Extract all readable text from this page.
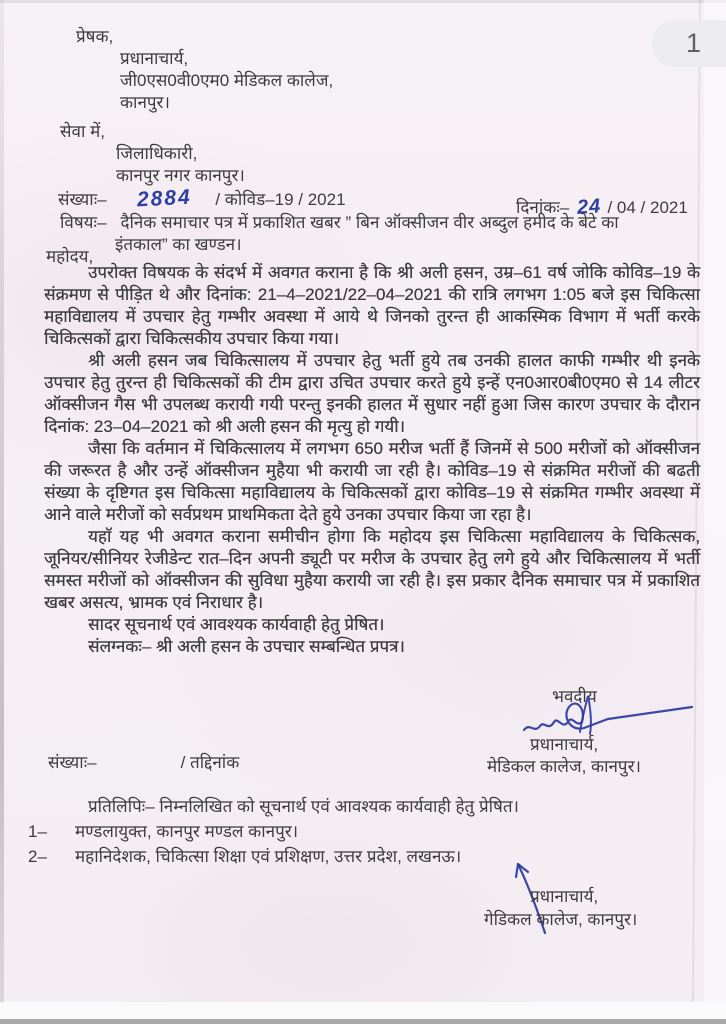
1
प्रेषक,
प्रधानाचार्य,
जी0एस0वी0एम0 मेडिकल कालेज,
कानपुर।
सेवा में,
जिलाधिकारी,
कानपुर नगर कानपुर।
संख्याः– 2884 / कोविड–19 / 2021	दिनांकः– 24 / 04 / 2021
विषयः– दैनिक समाचार पत्र में प्रकाशित खबर ” बिन ऑक्सीजन वीर अब्दुल हमीद के बेटे का
इंतकाल” का खण्डन।
महोदय,

उपरोक्त विषयक के संदर्भ में अवगत कराना है कि श्री अली हसन, उम्र–61 वर्ष जोकि कोविड–19 के संक्रमण से पीड़ित थे और दिनांक: 21–4–2021/22–04–2021 की रात्रि लगभग 1:05 बजे इस चिकित्सा महाविद्यालय में उपचार हेतु गम्भीर अवस्था में आये थे जिनको तुरन्त ही आकस्मिक विभाग में भर्ती करके चिकित्सकों द्वारा चिकित्सकीय उपचार किया गया।

श्री अली हसन जब चिकित्सालय में उपचार हेतु भर्ती हुये तब उनकी हालत काफी गम्भीर थी इनके उपचार हेतु तुरन्त ही चिकित्सकों की टीम द्वारा उचित उपचार करते हुये इन्हें एन0आर0बी0एम0 से 14 लीटर ऑक्सीजन गैस भी उपलब्ध करायी गयी परन्तु इनकी हालत में सुधार नहीं हुआ जिस कारण उपचार के दौरान दिनांक: 23–04–2021 को श्री अली हसन की मृत्यु हो गयी।

जैसा कि वर्तमान में चिकित्सालय में लगभग 650 मरीज भर्ती हैं जिनमें से 500 मरीजों को ऑक्सीजन की जरूरत है और उन्हें ऑक्सीजन मुहैया भी करायी जा रही है। कोविड–19 से संक्रमित मरीजों की बढती संख्या के दृष्टिगत इस चिकित्सा महाविद्यालय के चिकित्सकों द्वारा कोविड–19 से संक्रमित गम्भीर अवस्था में आने वाले मरीजों को सर्वप्रथम प्राथमिकता देते हुये उनका उपचार किया जा रहा है।

यहाॅ यह भी अवगत कराना समीचीन होगा कि महोदय इस चिकित्सा महाविद्यालय के चिकित्सक, जूनियर/सीनियर रेजीडेन्ट रात–दिन अपनी ड्यूटी पर मरीज के उपचार हेतु लगे हुये और चिकित्सालय में भर्ती समस्त मरीजों को ऑक्सीजन की सुविधा मुहैया करायी जा रही है। इस प्रकार दैनिक समाचार पत्र में प्रकाशित खबर असत्य, भ्रामक एवं निराधार है।

सादर सूचनार्थ एवं आवश्यक कार्यवाही हेतु प्रेषित।

संलग्नकः– श्री अली हसन के उपचार सम्बन्धित प्रपत्र।

भवदीय
प्रधानाचार्य,
मेडिकल कालेज, कानपुर।
संख्याः–	/ तद्दिनांक
प्रतिलिपिः– निम्नलिखित को सूचनार्थ एवं आवश्यक कार्यवाही हेतु प्रेषित।
1–	मण्डलायुक्त, कानपुर मण्डल कानपुर।
2–	महानिदेशक, चिकित्सा शिक्षा एवं प्रशिक्षण, उत्तर प्रदेश, लखनऊ।
प्रधानाचार्य,
गेडिकल कालेज, कानपुर।
